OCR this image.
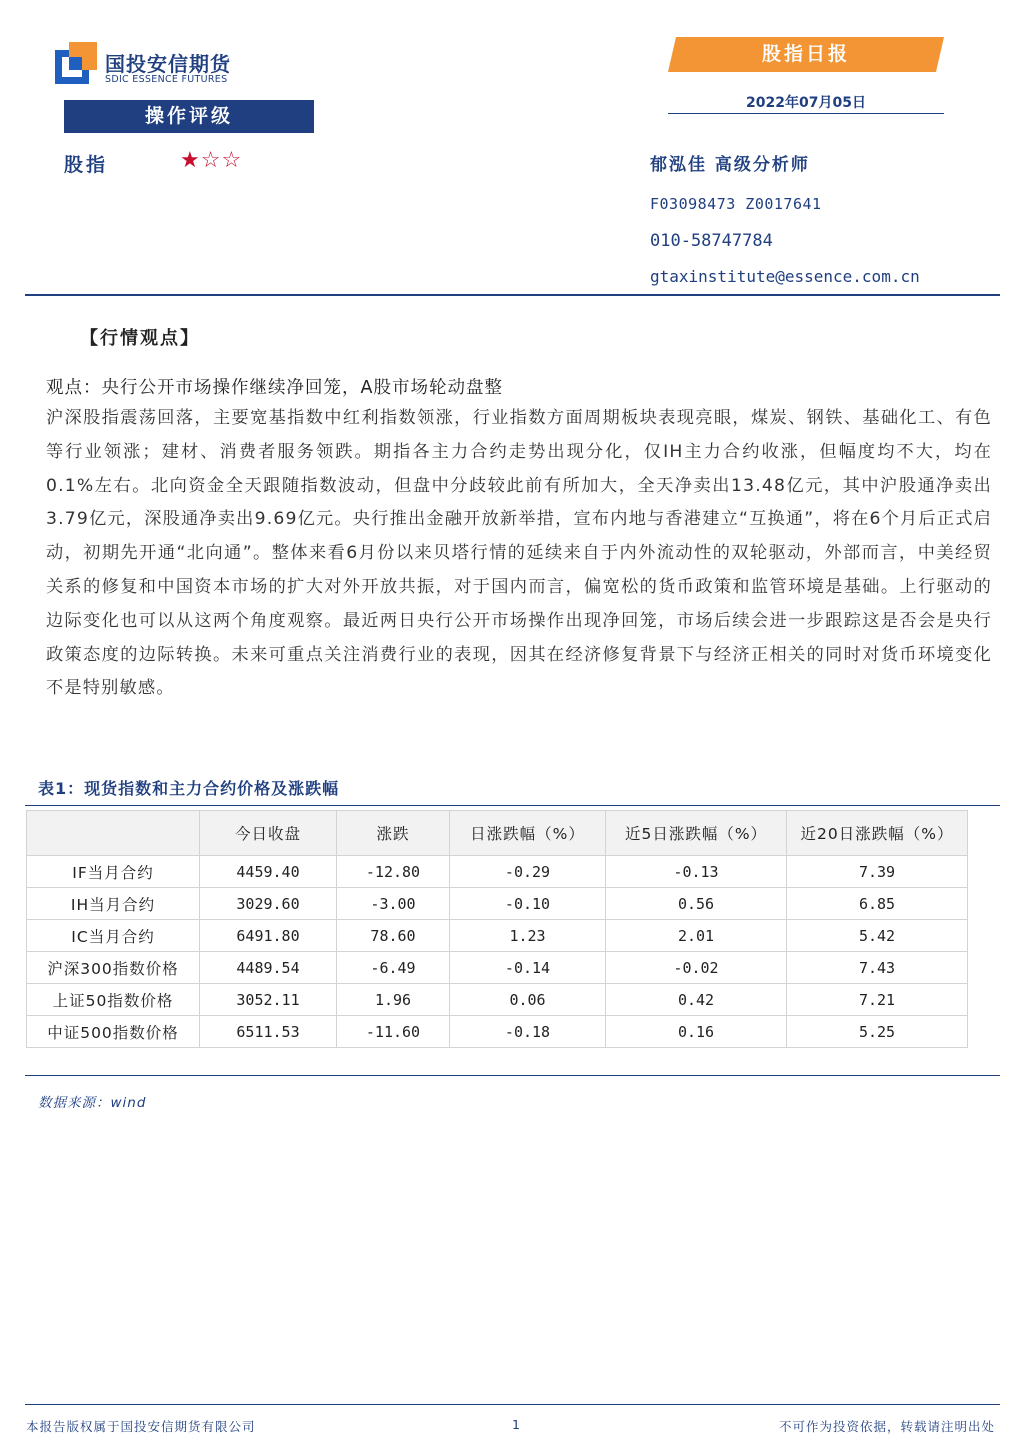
国投安信期货
SDIC ESSENCE FUTURES
操作评级
股指	★☆☆
股指日报
2022年07月05日
郁泓佳 高级分析师
F03098473 Z0017641
010-58747784
gtaxinstitute@essence.com.cn
【行情观点】
观点：央行公开市场操作继续净回笼，A股市场轮动盘整
沪深股指震荡回落，主要宽基指数中红利指数领涨，行业指数方面周期板块表现亮眼，煤炭、钢铁、基础化工、有色等行业领涨；建材、消费者服务领跌。期指各主力合约走势出现分化，仅IH主力合约收涨，但幅度均不大，均在0.1%左右。北向资金全天跟随指数波动，但盘中分歧较此前有所加大，全天净卖出13.48亿元，其中沪股通净卖出3.79亿元，深股通净卖出9.69亿元。央行推出金融开放新举措，宣布内地与香港建立“互换通”，将在6个月后正式启动，初期先开通“北向通”。整体来看6月份以来贝塔行情的延续来自于内外流动性的双轮驱动，外部而言，中美经贸关系的修复和中国资本市场的扩大对外开放共振，对于国内而言，偏宽松的货币政策和监管环境是基础。上行驱动的边际变化也可以从这两个角度观察。最近两日央行公开市场操作出现净回笼，市场后续会进一步跟踪这是否会是央行政策态度的边际转换。未来可重点关注消费行业的表现，因其在经济修复背景下与经济正相关的同时对货币环境变化不是特别敏感。
表1：现货指数和主力合约价格及涨跌幅
	今日收盘	涨跌	日涨跌幅（%）	近5日涨跌幅（%）	近20日涨跌幅（%）
IF当月合约	4459.40	-12.80	-0.29	-0.13	7.39
IH当月合约	3029.60	-3.00	-0.10	0.56	6.85
IC当月合约	6491.80	78.60	1.23	2.01	5.42
沪深300指数价格	4489.54	-6.49	-0.14	-0.02	7.43
上证50指数价格	3052.11	1.96	0.06	0.42	7.21
中证500指数价格	6511.53	-11.60	-0.18	0.16	5.25
数据来源：wind
本报告版权属于国投安信期货有限公司	1	不可作为投资依据，转载请注明出处
